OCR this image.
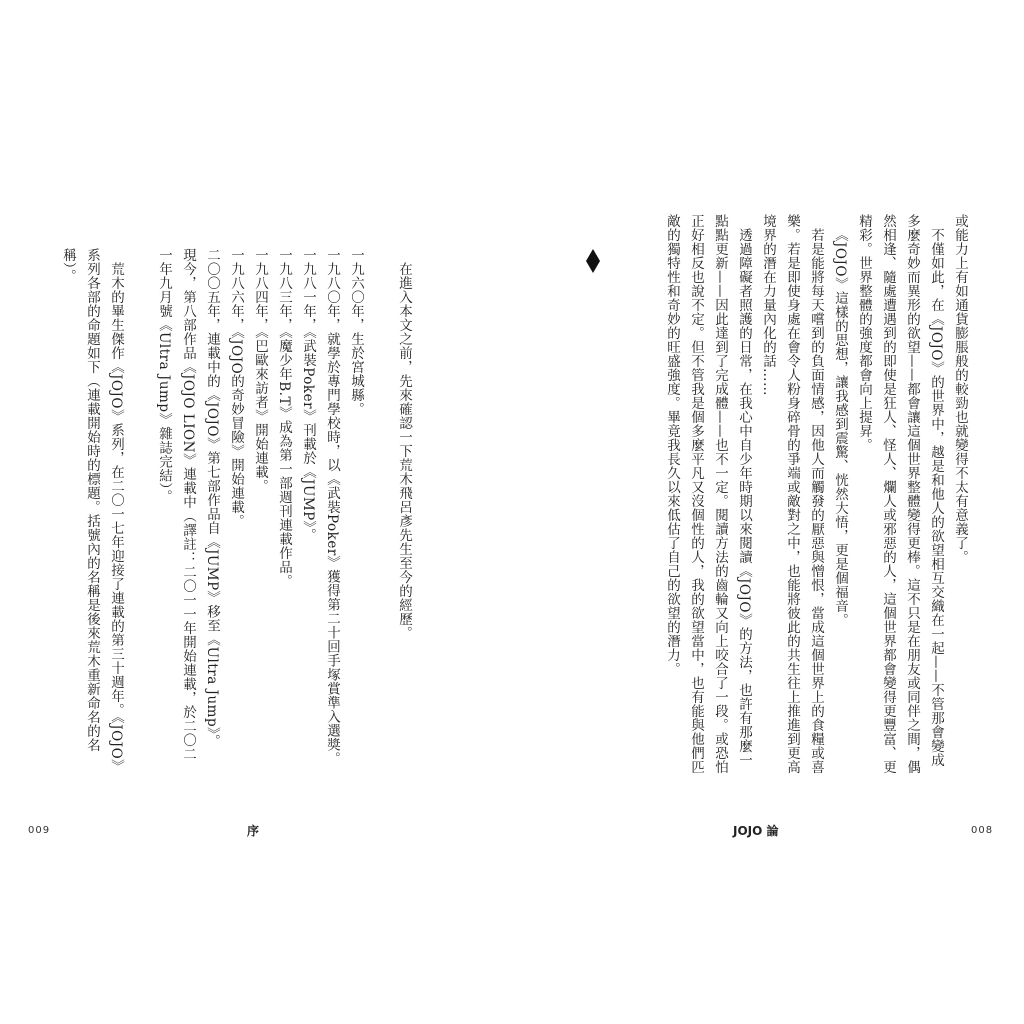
或能力上有如通貨膨脹般的較勁也就變得不太有意義了。

不僅如此，在《JOJO》的世界中，越是和他人的欲望相互交織在一起——不管那會變成多麼奇妙而異形的欲望——都會讓這個世界整體變得更棒。這不只是在朋友或同伴之間，偶然相逢、隨處遭遇到的即使是狂人、怪人、爛人或邪惡的人，這個世界都會變得更豐富、更精彩。世界整體的強度都會向上提昇。

《JOJO》這樣的思想，讓我感到震驚、恍然大悟，更是個福音。

若是能將每天嚐到的負面情感，因他人而觸發的厭惡與憎恨，當成這個世界上的食糧或喜樂。若是即使身處在會令人粉身碎骨的爭端或敵對之中，也能將彼此的共生往上推進到更高境界的潛在力量內化的話……

透過障礙者照護的日常，在我心中自少年時期以來閱讀《JOJO》的方法，也許有那麼一點點更新——因此達到了完成體——也不一定。閱讀方法的齒輪又向上咬合了一段。或恐怕正好相反也說不定。但不管我是個多麼平凡又沒個性的人，我的欲望當中，也有能與他們匹敵的獨特性和奇妙的旺盛強度。畢竟我長久以來低估了自己的欲望的潛力。

在進入本文之前，先來確認一下荒木飛呂彥先生至今的經歷。

一九六〇年，生於宮城縣。

一九八〇年，就學於專門學校時，以《武裝Poker》獲得第二十回手塚賞準入選獎。

一九八一年，《武裝Poker》刊載於《JUMP》。

一九八三年，《魔少年B.T》成為第一部週刊連載作品。

一九八四年，《巴歐來訪者》開始連載。

一九八六年，《JOJO的奇妙冒險》開始連載。

二〇〇五年，連載中的《JOJO》第七部作品自《JUMP》移至《Ultra Jump》。

現今，第八部作品《JOJO LION》連載中（譯註：二〇一一年開始連載，於二〇二一年九月號《Ultra Jump》雜誌完結）。

荒木的畢生傑作《JOJO》系列，在二〇一七年迎接了連載的第三十週年。《JOJO》系列各部的命題如下（連載開始時的標題。括號內的名稱是後來荒木重新命名的名稱）。

009	序	JOJO 論	008
